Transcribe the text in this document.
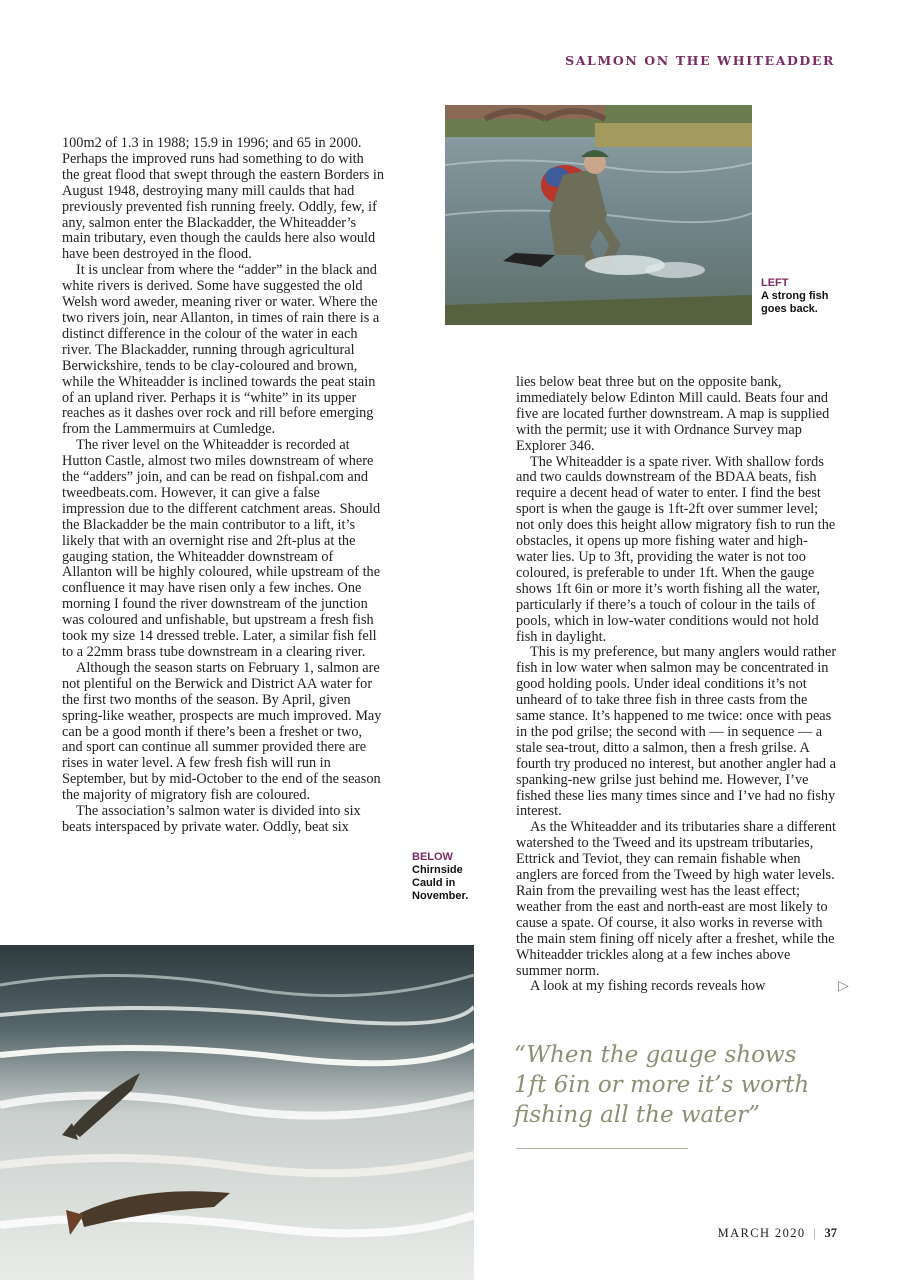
SALMON ON THE WHITEADDER

100m2 of 1.3 in 1988; 15.9 in 1996; and 65 in 2000. Perhaps the improved runs had something to do with the great flood that swept through the eastern Borders in August 1948, destroying many mill caulds that had previously prevented fish running freely. Oddly, few, if any, salmon enter the Blackadder, the Whiteadder’s main tributary, even though the caulds here also would have been destroyed in the flood.

It is unclear from where the “adder” in the black and white rivers is derived. Some have suggested the old Welsh word aweder, meaning river or water. Where the two rivers join, near Allanton, in times of rain there is a distinct difference in the colour of the water in each river. The Blackadder, running through agricultural Berwickshire, tends to be clay-coloured and brown, while the Whiteadder is inclined towards the peat stain of an upland river. Perhaps it is “white” in its upper reaches as it dashes over rock and rill before emerging from the Lammermuirs at Cumledge.

The river level on the Whiteadder is recorded at Hutton Castle, almost two miles downstream of where the “adders” join, and can be read on fishpal.com and tweedbeats.com. However, it can give a false impression due to the different catchment areas. Should the Blackadder be the main contributor to a lift, it’s likely that with an overnight rise and 2ft-plus at the gauging station, the Whiteadder downstream of Allanton will be highly coloured, while upstream of the confluence it may have risen only a few inches. One morning I found the river downstream of the junction was coloured and unfishable, but upstream a fresh fish took my size 14 dressed treble. Later, a similar fish fell to a 22mm brass tube downstream in a clearing river.

Although the season starts on February 1, salmon are not plentiful on the Berwick and District AA water for the first two months of the season. By April, given spring-like weather, prospects are much improved. May can be a good month if there’s been a freshet or two, and sport can continue all summer provided there are rises in water level. A few fresh fish will run in September, but by mid-October to the end of the season the majority of migratory fish are coloured.

The association’s salmon water is divided into six beats interspaced by private water. Oddly, beat six

LEFT
A strong fish goes back.

lies below beat three but on the opposite bank, immediately below Edinton Mill cauld. Beats four and five are located further downstream. A map is supplied with the permit; use it with Ordnance Survey map Explorer 346.

The Whiteadder is a spate river. With shallow fords and two caulds downstream of the BDAA beats, fish require a decent head of water to enter. I find the best sport is when the gauge is 1ft-2ft over summer level; not only does this height allow migratory fish to run the obstacles, it opens up more fishing water and high-water lies. Up to 3ft, providing the water is not too coloured, is preferable to under 1ft. When the gauge shows 1ft 6in or more it’s worth fishing all the water, particularly if there’s a touch of colour in the tails of pools, which in low-water conditions would not hold fish in daylight.

This is my preference, but many anglers would rather fish in low water when salmon may be concentrated in good holding pools. Under ideal conditions it’s not unheard of to take three fish in three casts from the same stance. It’s happened to me twice: once with peas in the pod grilse; the second with — in sequence — a stale sea-trout, ditto a salmon, then a fresh grilse. A fourth try produced no interest, but another angler had a spanking-new grilse just behind me. However, I’ve fished these lies many times since and I’ve had no fishy interest.

As the Whiteadder and its tributaries share a different watershed to the Tweed and its upstream tributaries, Ettrick and Teviot, they can remain fishable when anglers are forced from the Tweed by high water levels. Rain from the prevailing west has the least effect; weather from the east and north-east are most likely to cause a spate. Of course, it also works in reverse with the main stem fining off nicely after a freshet, while the Whiteadder trickles along at a few inches above summer norm.

A look at my fishing records reveals how	▷
BELOW
Chirnside Cauld in November.
“When the gauge shows 1ft 6in or more it’s worth fishing all the water”
MARCH 2020 | 37
